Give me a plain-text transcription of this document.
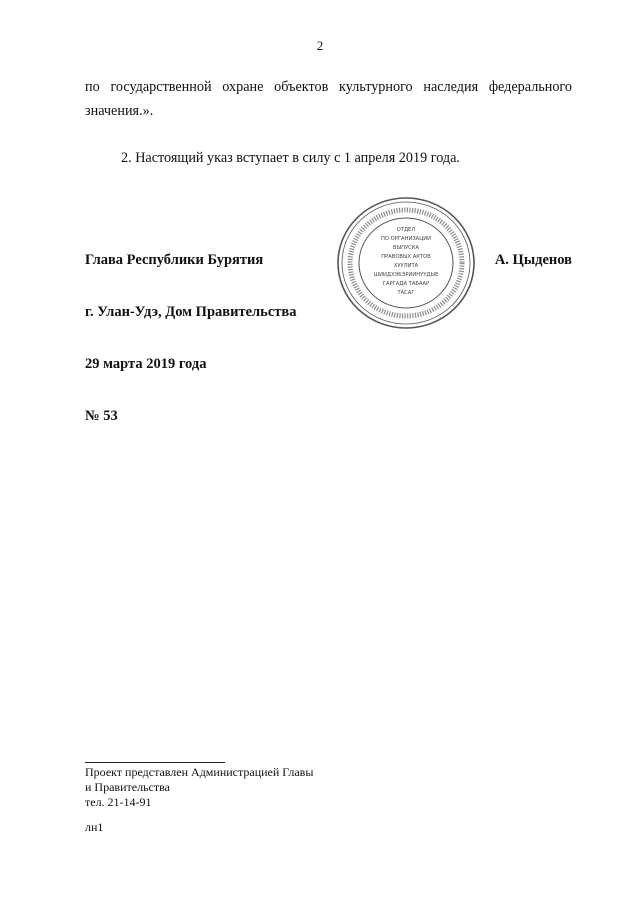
2
по государственной охране объектов культурного наследия федерального
значения.».
2. Настоящий указ вступает в силу с 1 апреля 2019 года.
Глава Республики Бурятия	А. Цыденов
г. Улан-Удэ, Дом Правительства
29 марта 2019 года
№ 53
ОТДЕЛ
ПО ОРГАНИЗАЦИИ
ВЫПУСКА
ПРАВОВЫХ АКТОВ
ХУУЛИТА
ШИИДХЭБЭРИИНҮҮДЫЕ
ГАРГАДА ТАБААР
ТАСАГ
Проект представлен Администрацией Главы
и Правительства
тел. 21-14-91
лн1
